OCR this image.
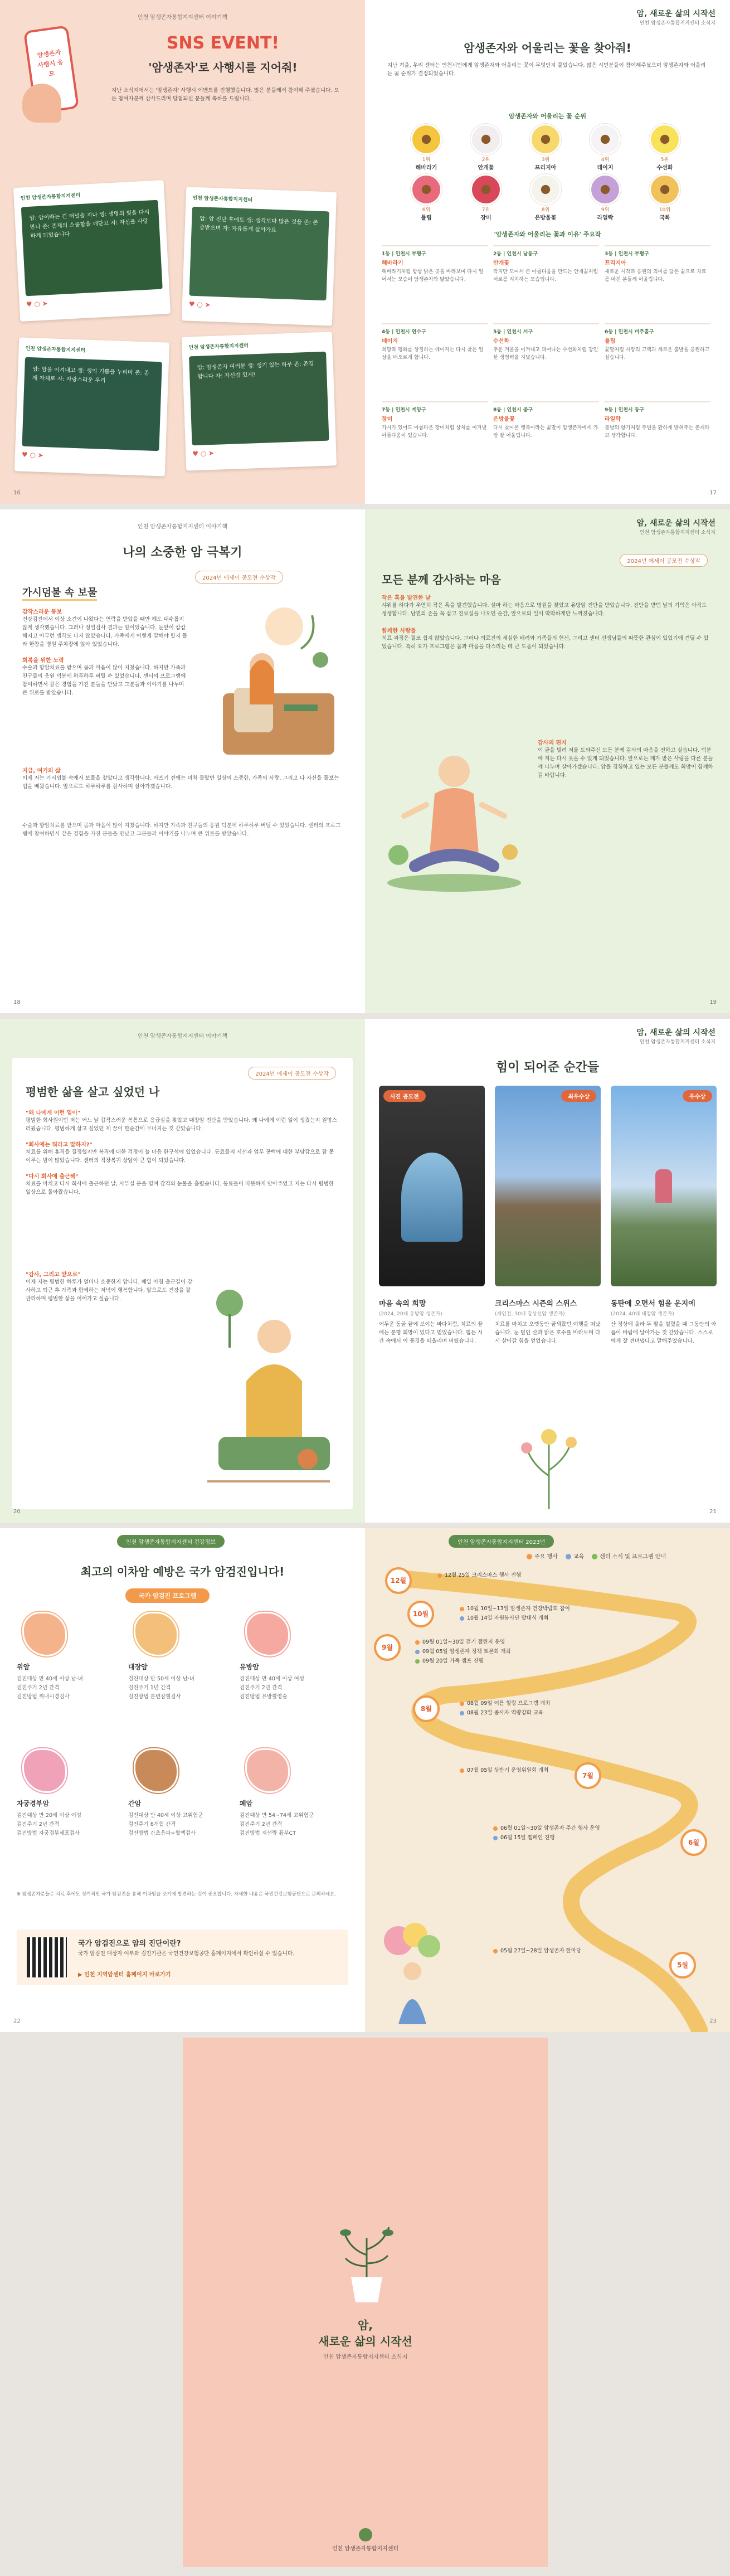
인천 암생존자통합지지센터 이야기책
암생존자 사행시 응모
SNS EVENT!
'암생존자'로 사행시를 지어줘!
지난 소식지에서는 '암생존자' 사행시 이벤트를 진행했습니다. 많은 분들께서 참여해 주셨습니다. 모든 참여자분께 감사드리며 당첨되신 분들께 축하를 드립니다.
인천 암생존자통합지지센터
암: 암이라는 긴 터널을 지나 생: 생명의 빛을 다시 만나 존: 존재의 소중함을 깨닫고 자: 자신을 사랑하게 되었습니다
♥ ○ ➤
인천 암생존자통합지지센터
암: 암 진단 후에도 생: 생각보다 많은 것을 존: 존중받으며 자: 자유롭게 살아가요
♥ ○ ➤
인천 암생존자통합지지센터
암: 암을 이겨내고 생: 생의 기쁨을 누리며 존: 존재 자체로 자: 자랑스러운 우리
♥ ○ ➤
인천 암생존자통합지지센터
암: 암생존자 여러분 생: 생기 있는 하루 존: 존경합니다 자: 자신감 있게!
♥ ○ ➤
16
암, 새로운 삶의 시작선
인천 암생존자통합지지센터 소식지
암생존자와 어울리는 꽃을 찾아줘!
지난 겨울, 우리 센터는 인천시민에게 암생존자와 어울리는 꽃이 무엇인지 물었습니다. 많은 시민분들이 참여해주셨으며 암생존자와 어울리는 꽃 순위가 결정되었습니다.
암생존자와 어울리는 꽃 순위
1위
해바라기
2위
안개꽃
3위
프리지아
4위
데이지
5위
수선화
6위
튤립
7위
장미
8위
은방울꽃
9위
라일락
10위
국화
'암생존자와 어울리는 꽃과 이유' 주요작
1등 | 인천시 부평구
해바라기
해바라기처럼 항상 밝은 곳을 바라보며 다시 일어서는 모습이 암생존자와 닮았습니다.
2등 | 인천시 남동구
안개꽃
작지만 모여서 큰 아름다움을 만드는 안개꽃처럼 서로를 지지하는 모습입니다.
3등 | 인천시 부평구
프리지아
새로운 시작과 응원의 의미를 담은 꽃으로 치료를 마친 분들께 어울립니다.
4등 | 인천시 연수구
데이지
희망과 평화를 상징하는 데이지는 다시 찾은 일상을 떠오르게 합니다.
5등 | 인천시 서구
수선화
추운 겨울을 이겨내고 피어나는 수선화처럼 강인한 생명력을 지녔습니다.
6등 | 인천시 미추홀구
튤립
꽃말처럼 사랑의 고백과 새로운 출발을 응원하고 싶습니다.
7등 | 인천시 계양구
장미
가시가 있어도 아름다운 장미처럼 상처를 이겨낸 아름다움이 있습니다.
8등 | 인천시 중구
은방울꽃
다시 찾아온 행복이라는 꽃말이 암생존자에게 가장 잘 어울립니다.
9등 | 인천시 동구
라일락
봄날의 향기처럼 주변을 환하게 밝혀주는 존재라고 생각합니다.
17
인천 암생존자통합지지센터 이야기책
나의 소중한 암 극복기
2024년 에세이 공모전 수상작
가시덤불 속 보물
갑작스러운 통보
건강검진에서 이상 소견이 나왔다는 연락을 받았을 때만 해도 대수롭지 않게 생각했습니다. 그러나 정밀검사 결과는 암이었습니다. 눈앞이 캄캄해지고 아무런 생각도 나지 않았습니다. 가족에게 어떻게 말해야 할지 몰라 한참을 병원 주차장에 앉아 있었습니다.
회복을 위한 노력
수술과 항암치료를 받으며 몸과 마음이 많이 지쳤습니다. 하지만 가족과 친구들의 응원 덕분에 하루하루 버틸 수 있었습니다. 센터의 프로그램에 참여하면서 같은 경험을 가진 분들을 만났고 그분들과 이야기를 나누며 큰 위로를 받았습니다.
지금, 여기의 삶
이제 저는 가시덤불 속에서 보물을 찾았다고 생각합니다. 아프기 전에는 미처 몰랐던 일상의 소중함, 가족의 사랑, 그리고 나 자신을 돌보는 법을 배웠습니다. 앞으로도 하루하루를 감사하며 살아가겠습니다.
수술과 항암치료를 받으며 몸과 마음이 많이 지쳤습니다. 하지만 가족과 친구들의 응원 덕분에 하루하루 버틸 수 있었습니다. 센터의 프로그램에 참여하면서 같은 경험을 가진 분들을 만났고 그분들과 이야기를 나누며 큰 위로를 받았습니다.
18
암, 새로운 삶의 시작선
인천 암생존자통합지지센터 소식지
2024년 에세이 공모전 수상작
모든 분께 감사하는 마음
작은 혹을 발견한 날
샤워를 하다가 우연히 작은 혹을 발견했습니다. 설마 하는 마음으로 병원을 찾았고 유방암 진단을 받았습니다. 진단을 받던 날의 기억은 아직도 생생합니다. 남편의 손을 꼭 잡고 진료실을 나오던 순간, 앞으로의 일이 막막하게만 느껴졌습니다.
함께한 사람들
치료 과정은 결코 쉽지 않았습니다. 그러나 의료진의 세심한 배려와 가족들의 헌신, 그리고 센터 선생님들의 따뜻한 관심이 있었기에 견딜 수 있었습니다. 특히 요가 프로그램은 몸과 마음을 다스리는 데 큰 도움이 되었습니다.
감사의 편지
이 글을 빌려 저를 도와주신 모든 분께 감사의 마음을 전하고 싶습니다. 덕분에 저는 다시 웃을 수 있게 되었습니다. 앞으로는 제가 받은 사랑을 다른 분들께 나누며 살아가겠습니다. 암을 경험하고 있는 모든 분들께도 희망이 함께하길 바랍니다.
19
인천 암생존자통합지지센터 이야기책
2024년 에세이 공모전 수상작
평범한 삶을 살고 싶었던 나
"왜 나에게 이런 일이"
평범한 회사원이던 저는 어느 날 갑작스러운 복통으로 응급실을 찾았고 대장암 진단을 받았습니다. 왜 나에게 이런 일이 생겼는지 원망스러웠습니다. 평범하게 살고 싶었던 제 꿈이 한순간에 무너지는 것 같았습니다.
"회사에는 뭐라고 말하지?"
치료를 위해 휴직을 결정했지만 복직에 대한 걱정이 늘 마음 한구석에 있었습니다. 동료들의 시선과 업무 공백에 대한 부담감으로 잠 못 이루는 밤이 많았습니다. 센터의 직장복귀 상담이 큰 힘이 되었습니다.
"다시 회사에 출근해"
치료를 마치고 다시 회사에 출근하던 날, 사무실 문을 열며 감격의 눈물을 흘렸습니다. 동료들이 따뜻하게 맞아주었고 저는 다시 평범한 일상으로 돌아왔습니다.
"감사, 그리고 앞으로"
이제 저는 평범한 하루가 얼마나 소중한지 압니다. 매일 아침 출근길이 감사하고 퇴근 후 가족과 함께하는 저녁이 행복합니다. 앞으로도 건강을 잘 관리하며 평범한 삶을 이어가고 싶습니다.
20
암, 새로운 삶의 시작선
인천 암생존자통합지지센터 소식지
힘이 되어준 순간들
사진 공모전	최우수상	우수상
마음 속의 희망
(2024, 20대 유방암 생존자)
어두운 동굴 끝에 보이는 바다처럼, 치료의 끝에는 분명 희망이 있다고 믿었습니다. 힘든 시간 속에서 이 풍경을 떠올리며 버텼습니다.
크리스마스 시즌의 스위스
(개인전, 30대 갑상선암 생존자)
치료를 마치고 오랫동안 꿈꿔왔던 여행을 떠났습니다. 눈 덮인 산과 맑은 호수를 바라보며 다시 살아갈 힘을 얻었습니다.
동탄에 오면서 힘을 운지에
(2024, 40대 대장암 생존자)
산 정상에 올라 두 팔을 벌렸을 때 그동안의 아픔이 바람에 날아가는 것 같았습니다. 스스로에게 잘 견뎌냈다고 말해주었습니다.
21
인천 암생존자통합지지센터 건강정보
최고의 이차암 예방은 국가 암검진입니다!
국가 암검진 프로그램
위암
검진대상 만 40세 이상 남·녀
검진주기 2년 간격
검진방법 위내시경검사
대장암
검진대상 만 50세 이상 남·녀
검진주기 1년 간격
검진방법 분변잠혈검사
유방암
검진대상 만 40세 이상 여성
검진주기 2년 간격
검진방법 유방촬영술
자궁경부암
검진대상 만 20세 이상 여성
검진주기 2년 간격
검진방법 자궁경부세포검사
간암
검진대상 만 40세 이상 고위험군
검진주기 6개월 간격
검진방법 간초음파+혈액검사
폐암
검진대상 만 54~74세 고위험군
검진주기 2년 간격
검진방법 저선량 흉부CT
※ 암생존자분들은 치료 후에도 정기적인 국가 암검진을 통해 이차암을 조기에 발견하는 것이 중요합니다. 자세한 내용은 국민건강보험공단으로 문의하세요.
국가 암검진으로 암의 진단이란?
국가 암검진 대상자 여부와 검진기관은 국민건강보험공단 홈페이지에서 확인하실 수 있습니다.
▶ 인천 지역암센터 홈페이지 바로가기
22
인천 암생존자통합지지센터 2023년
주요 행사	교육	센터 소식 및 프로그램 안내
12월
12월 25일 크리스마스 행사 진행
10월
10월 10일~13일 암생존자 건강박람회 참여
10월 14일 자원봉사단 발대식 개최
9월
09월 01일~30일 걷기 챌린지 운영
09월 05일 암생존자 정책 토론회 개최
09월 20일 가족 캠프 진행
8월
08월 09일 여름 힐링 프로그램 개최
08월 23일 종사자 역량강화 교육
7월
07월 05일 상반기 운영위원회 개최
6월
06월 01일~30일 암생존자 주간 행사 운영
06월 15일 캠페인 진행
5월
05월 27일~28일 암생존자 한마당
23
암,
새로운 삶의 시작선
인천 암생존자통합지지센터 소식지
인천 암생존자통합지지센터
